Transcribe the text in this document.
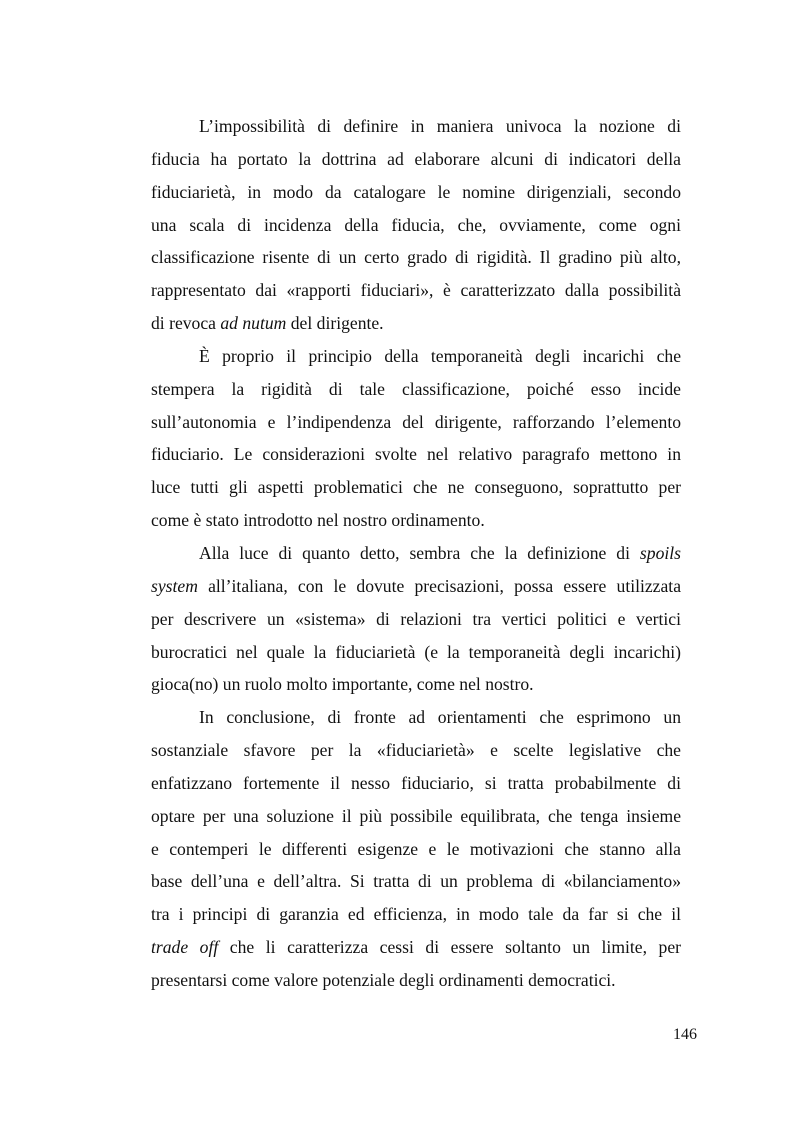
L’impossibilità di definire in maniera univoca la nozione di
fiducia ha portato la dottrina ad elaborare alcuni di indicatori della
fiduciarietà, in modo da catalogare le nomine dirigenziali, secondo
una scala di incidenza della fiducia, che, ovviamente, come ogni
classificazione risente di un certo grado di rigidità. Il gradino più alto,
rappresentato dai «rapporti fiduciari», è caratterizzato dalla possibilità
di revoca ad nutum del dirigente.
È proprio il principio della temporaneità degli incarichi che
stempera la rigidità di tale classificazione, poiché esso incide
sull’autonomia e l’indipendenza del dirigente, rafforzando l’elemento
fiduciario. Le considerazioni svolte nel relativo paragrafo mettono in
luce tutti gli aspetti problematici che ne conseguono, soprattutto per
come è stato introdotto nel nostro ordinamento.
Alla luce di quanto detto, sembra che la definizione di spoils
system all’italiana, con le dovute precisazioni, possa essere utilizzata
per descrivere un «sistema» di relazioni tra vertici politici e vertici
burocratici nel quale la fiduciarietà (e la temporaneità degli incarichi)
gioca(no) un ruolo molto importante, come nel nostro.
In conclusione, di fronte ad orientamenti che esprimono un
sostanziale sfavore per la «fiduciarietà» e scelte legislative che
enfatizzano fortemente il nesso fiduciario, si tratta probabilmente di
optare per una soluzione il più possibile equilibrata, che tenga insieme
e contemperi le differenti esigenze e le motivazioni che stanno alla
base dell’una e dell’altra. Si tratta di un problema di «bilanciamento»
tra i principi di garanzia ed efficienza, in modo tale da far si che il
trade off che li caratterizza cessi di essere soltanto un limite, per
presentarsi come valore potenziale degli ordinamenti democratici.
146
